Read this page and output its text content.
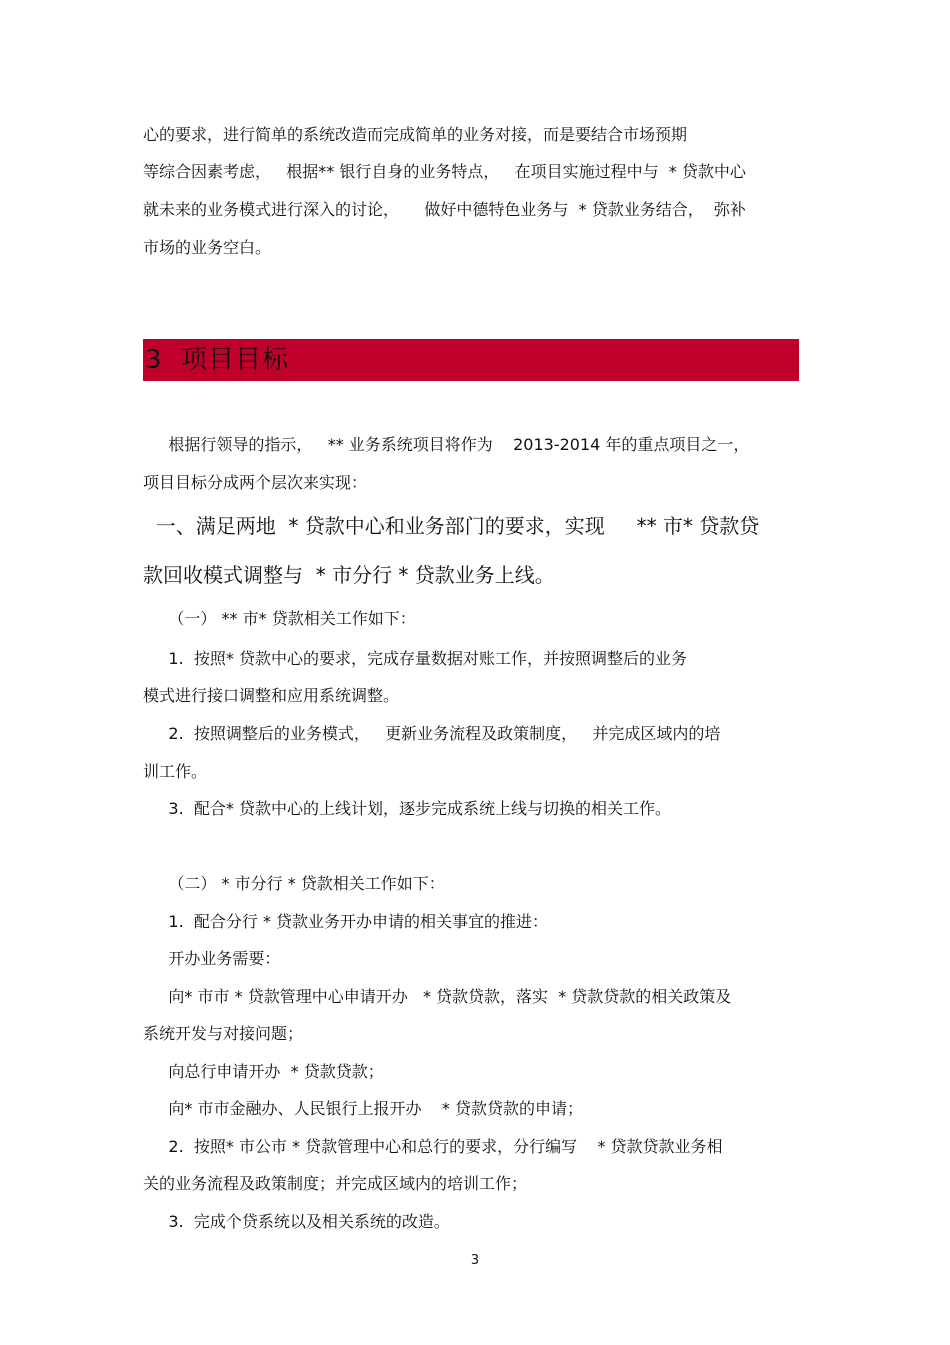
心的要求，进行简单的系统改造而完成简单的业务对接，而是要结合市场预期
等综合因素考虑，   根据** 银行自身的业务特点，   在项目实施过程中与  * 贷款中心
就未来的业务模式进行深入的讨论，     做好中德特色业务与  * 贷款业务结合，  弥补
市场的业务空白。
3  项目目标
根据行领导的指示，   ** 业务系统项目将作为    2013-2014 年的重点项目之一，
项目目标分成两个层次来实现：
一、满足两地  * 贷款中心和业务部门的要求，实现     ** 市* 贷款贷
款回收模式调整与  * 市分行 * 贷款业务上线。
（一） ** 市* 贷款相关工作如下：
1.  按照* 贷款中心的要求，完成存量数据对账工作，并按照调整后的业务
模式进行接口调整和应用系统调整。
2.  按照调整后的业务模式，   更新业务流程及政策制度，   并完成区域内的培
训工作。
3.  配合* 贷款中心的上线计划，逐步完成系统上线与切换的相关工作。
（二） * 市分行 * 贷款相关工作如下：
1.  配合分行 * 贷款业务开办申请的相关事宜的推进：
开办业务需要：
向* 市市 * 贷款管理中心申请开办   * 贷款贷款，落实  * 贷款贷款的相关政策及
系统开发与对接问题；
向总行申请开办  * 贷款贷款；
向* 市市金融办、人民银行上报开办    * 贷款贷款的申请；
2.  按照* 市公市 * 贷款管理中心和总行的要求，分行编写    * 贷款贷款业务相
关的业务流程及政策制度；并完成区域内的培训工作；
3.  完成个贷系统以及相关系统的改造。
3
